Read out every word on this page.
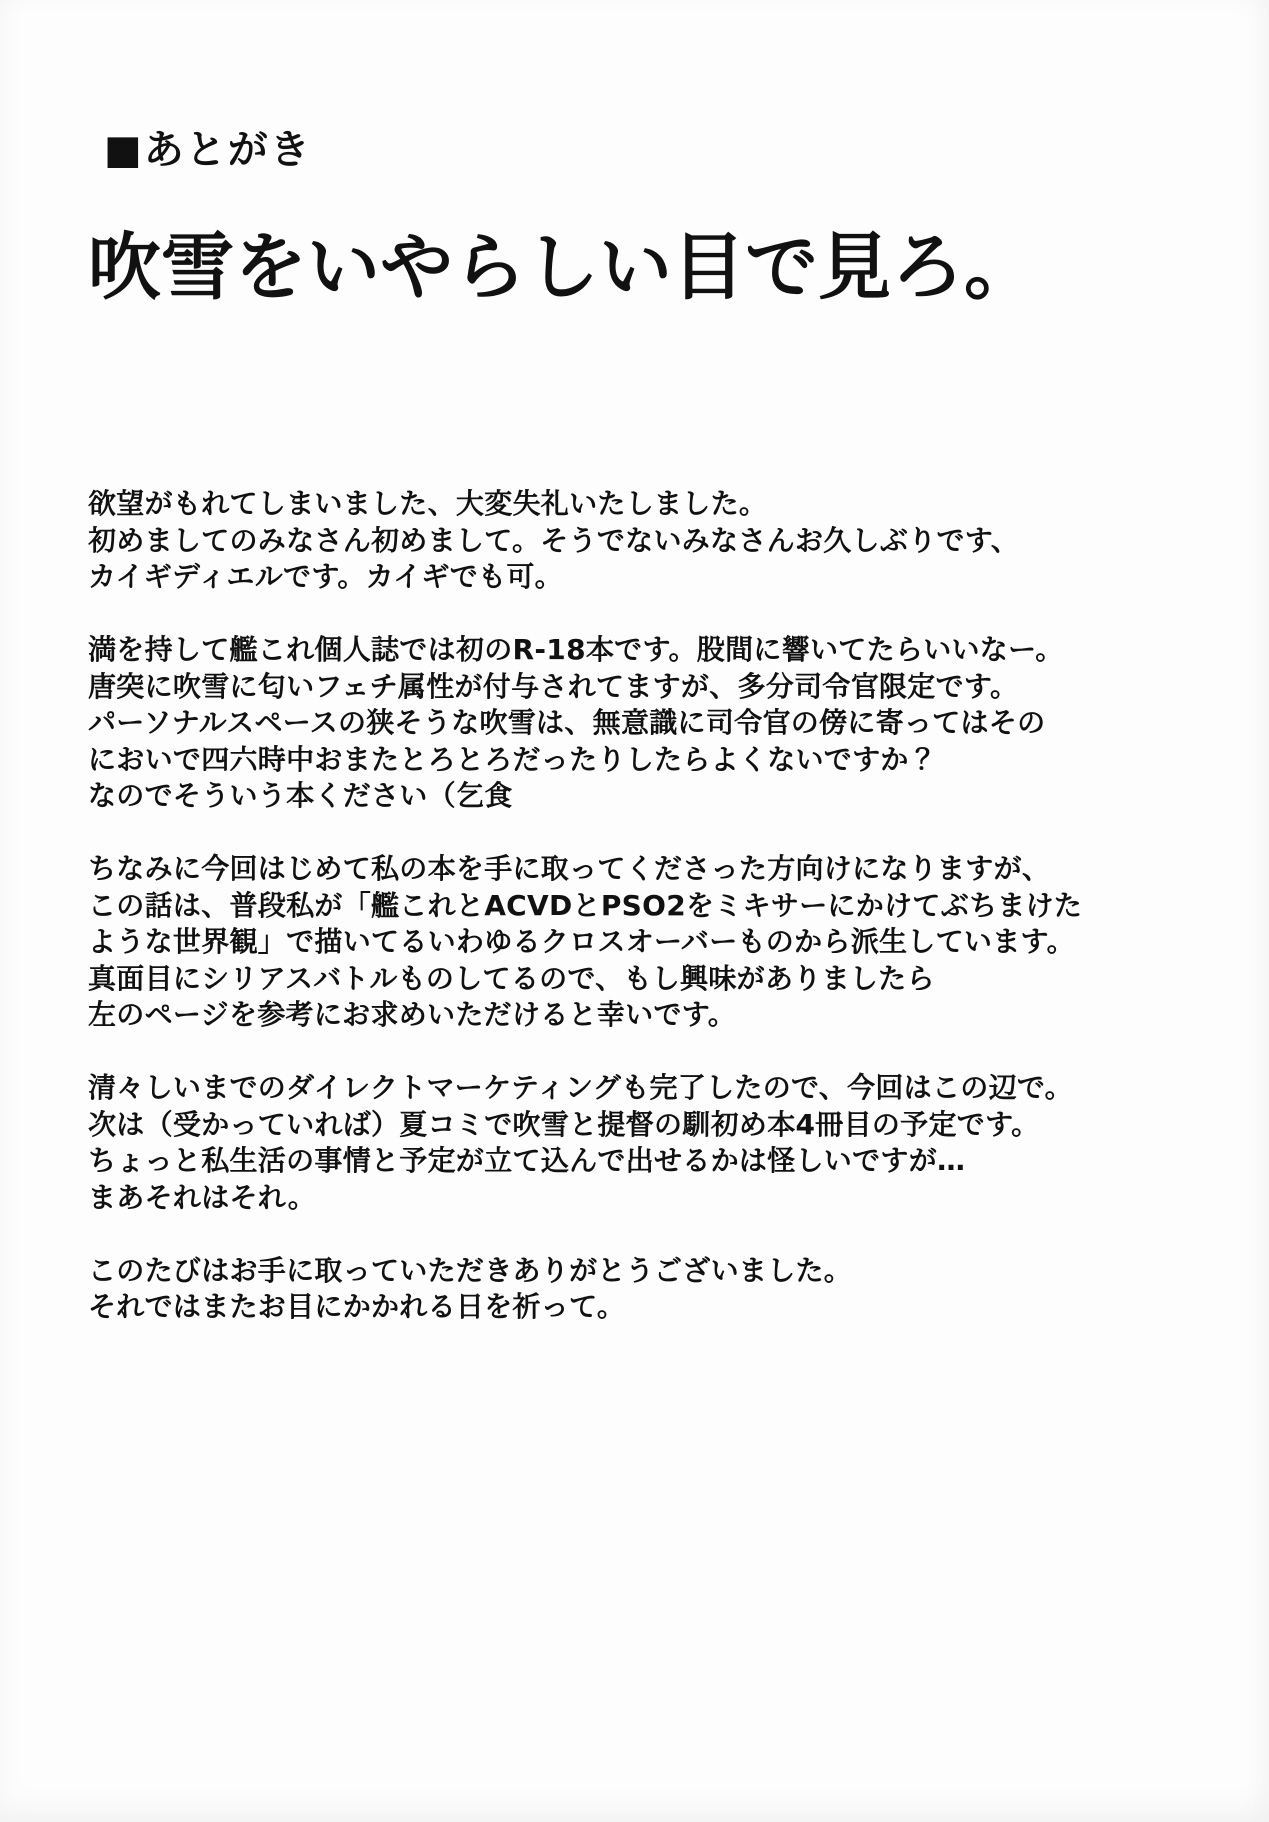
■あとがき
吹雪をいやらしい目で見ろ。

欲望がもれてしまいました、大変失礼いたしました。
初めましてのみなさん初めまして。そうでないみなさんお久しぶりです、
カイギディエルです。カイギでも可。

満を持して艦これ個人誌では初のR-18本です。股間に響いてたらいいなー。
唐突に吹雪に匂いフェチ属性が付与されてますが、多分司令官限定です。
パーソナルスペースの狭そうな吹雪は、無意識に司令官の傍に寄ってはその
においで四六時中おまたとろとろだったりしたらよくないですか？
なのでそういう本ください（乞食

ちなみに今回はじめて私の本を手に取ってくださった方向けになりますが、
この話は、普段私が「艦これとACVDとPSO2をミキサーにかけてぶちまけた
ような世界観」で描いてるいわゆるクロスオーバーものから派生しています。
真面目にシリアスバトルものしてるので、もし興味がありましたら
左のページを参考にお求めいただけると幸いです。

清々しいまでのダイレクトマーケティングも完了したので、今回はこの辺で。
次は（受かっていれば）夏コミで吹雪と提督の馴初め本4冊目の予定です。
ちょっと私生活の事情と予定が立て込んで出せるかは怪しいですが…
まあそれはそれ。

このたびはお手に取っていただきありがとうございました。
それではまたお目にかかれる日を祈って。
